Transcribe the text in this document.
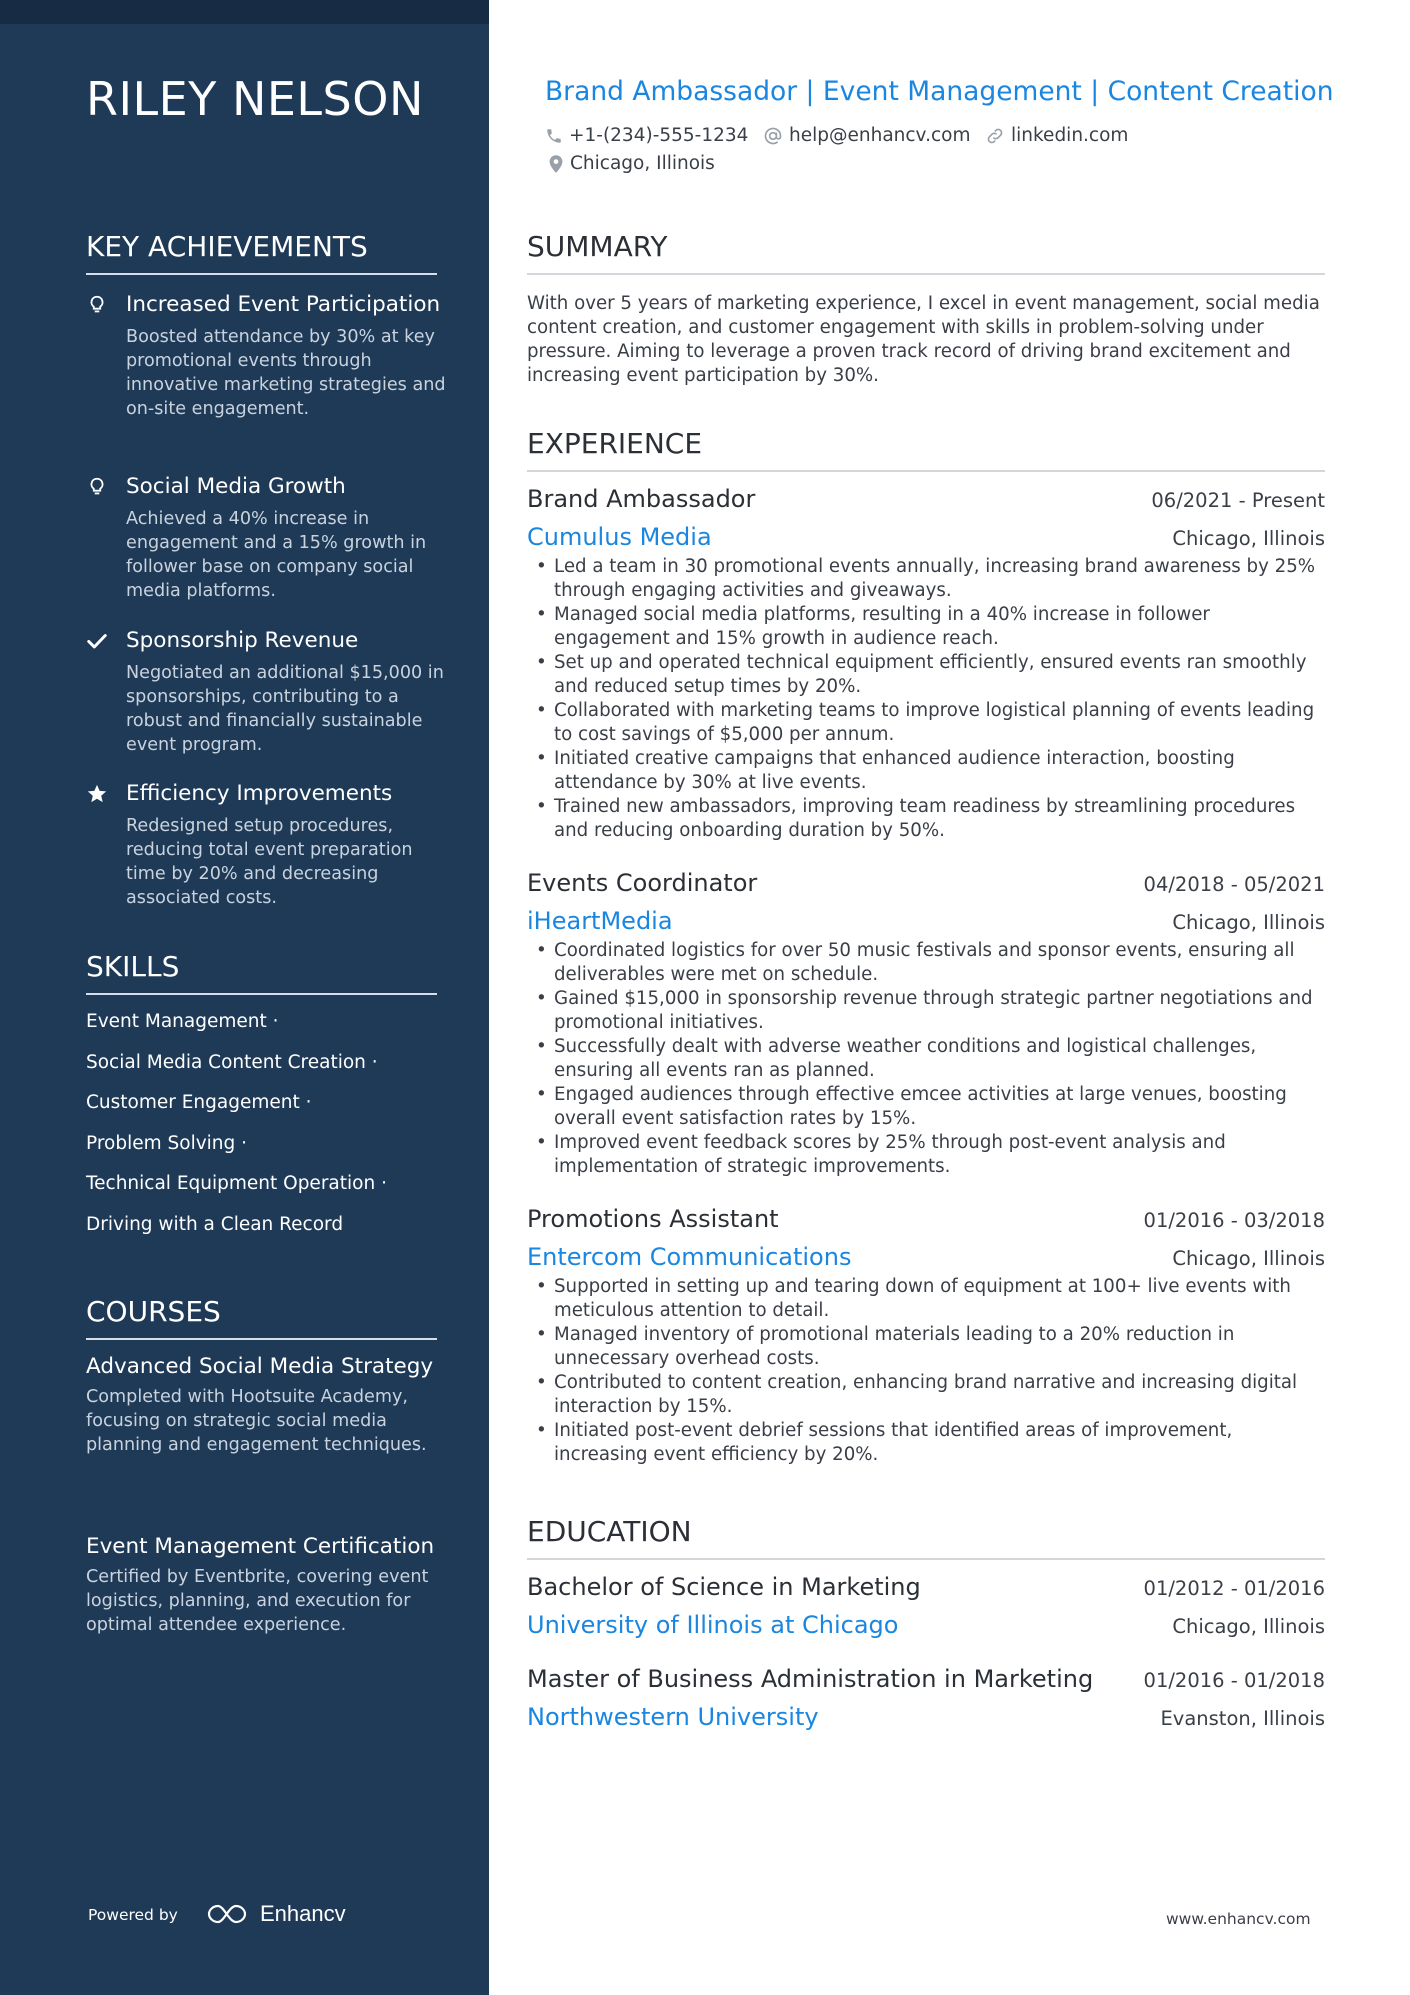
RILEY NELSON
KEY ACHIEVEMENTS
Increased Event Participation
Boosted attendance by 30% at key promotional events through innovative marketing strategies and on-site engagement.
Social Media Growth
Achieved a 40% increase in engagement and a 15% growth in follower base on company social media platforms.
Sponsorship Revenue
Negotiated an additional $15,000 in sponsorships, contributing to a robust and financially sustainable event program.
Efficiency Improvements
Redesigned setup procedures, reducing total event preparation time by 20% and decreasing associated costs.
SKILLS
Event Management ·
Social Media Content Creation ·
Customer Engagement ·
Problem Solving ·
Technical Equipment Operation ·
Driving with a Clean Record
COURSES
Advanced Social Media Strategy
Completed with Hootsuite Academy, focusing on strategic social media planning and engagement techniques.
Event Management Certification
Certified by Eventbrite, covering event logistics, planning, and execution for optimal attendee experience.
Powered by	Enhancv
Brand Ambassador | Event Management | Content Creation
+1-(234)-555-1234 help@enhancv.com linkedin.com
Chicago, Illinois
SUMMARY
With over 5 years of marketing experience, I excel in event management, social media content creation, and customer engagement with skills in problem-solving under pressure. Aiming to leverage a proven track record of driving brand excitement and increasing event participation by 30%.
EXPERIENCE
Brand Ambassador	06/2021 - Present
Cumulus Media	Chicago, Illinois
• Led a team in 30 promotional events annually, increasing brand awareness by 25% through engaging activities and giveaways.
• Managed social media platforms, resulting in a 40% increase in follower engagement and 15% growth in audience reach.
• Set up and operated technical equipment efficiently, ensured events ran smoothly and reduced setup times by 20%.
• Collaborated with marketing teams to improve logistical planning of events leading to cost savings of $5,000 per annum.
• Initiated creative campaigns that enhanced audience interaction, boosting attendance by 30% at live events.
• Trained new ambassadors, improving team readiness by streamlining procedures and reducing onboarding duration by 50%.
Events Coordinator	04/2018 - 05/2021
iHeartMedia	Chicago, Illinois
• Coordinated logistics for over 50 music festivals and sponsor events, ensuring all deliverables were met on schedule.
• Gained $15,000 in sponsorship revenue through strategic partner negotiations and promotional initiatives.
• Successfully dealt with adverse weather conditions and logistical challenges, ensuring all events ran as planned.
• Engaged audiences through effective emcee activities at large venues, boosting overall event satisfaction rates by 15%.
• Improved event feedback scores by 25% through post-event analysis and implementation of strategic improvements.
Promotions Assistant	01/2016 - 03/2018
Entercom Communications	Chicago, Illinois
• Supported in setting up and tearing down of equipment at 100+ live events with meticulous attention to detail.
• Managed inventory of promotional materials leading to a 20% reduction in unnecessary overhead costs.
• Contributed to content creation, enhancing brand narrative and increasing digital interaction by 15%.
• Initiated post-event debrief sessions that identified areas of improvement, increasing event efficiency by 20%.
EDUCATION
Bachelor of Science in Marketing	01/2012 - 01/2016
University of Illinois at Chicago	Chicago, Illinois
Master of Business Administration in Marketing	01/2016 - 01/2018
Northwestern University	Evanston, Illinois
www.enhancv.com
